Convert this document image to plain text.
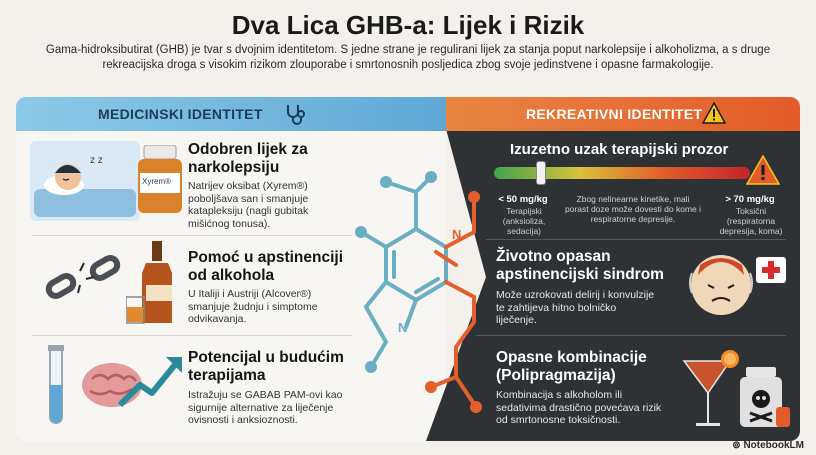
Dva Lica GHB-a: Lijek i Rizik
Gama-hidroksibutirat (GHB) je tvar s dvojnim identitetom. S jedne strane je regulirani lijek za stanja poput narkolepsije i alkoholizma, a s druge rekreacijska droga s visokim rizikom zlouporabe i smrtonosnih posljedica zbog svoje jedinstvene i opasne farmakologije.
MEDICINSKI IDENTITET	REKREATIVNI IDENTITET
N
N
z z
Xyrem®
Odobren lijek za narkolepsiju
Natrijev oksibat (Xyrem®) poboljšava san i smanjuje katapleksiju (nagli gubitak mišićnog tonusa).
Pomoć u apstinenciji od alkohola
U Italiji i Austriji (Alcover®) smanjuje žudnju i simptome odvikavanja.
Potencijal u budućim terapijama
Istražuju se GABAB PAM-ovi kao sigurnije alternative za liječenje ovisnosti i anksioznosti.
Izuzetno uzak terapijski prozor
< 50 mg/kg
Terapijski (anksioliza, sedacija)
Zbog nelinearne kinetike, mali porast doze može dovesti do kome i respiratorne depresije.
> 70 mg/kg
Toksični (respiratorna depresija, koma)
Životno opasan apstinencijski sindrom
Može uzrokovati delirij i konvulzije te zahtijeva hitno bolničko liječenje.
Opasne kombinacije (Polipragmazija)
Kombinacija s alkoholom ili sedativima drastično povećava rizik od smrtonosne toksičnosti.
⊚ NotebookLM
